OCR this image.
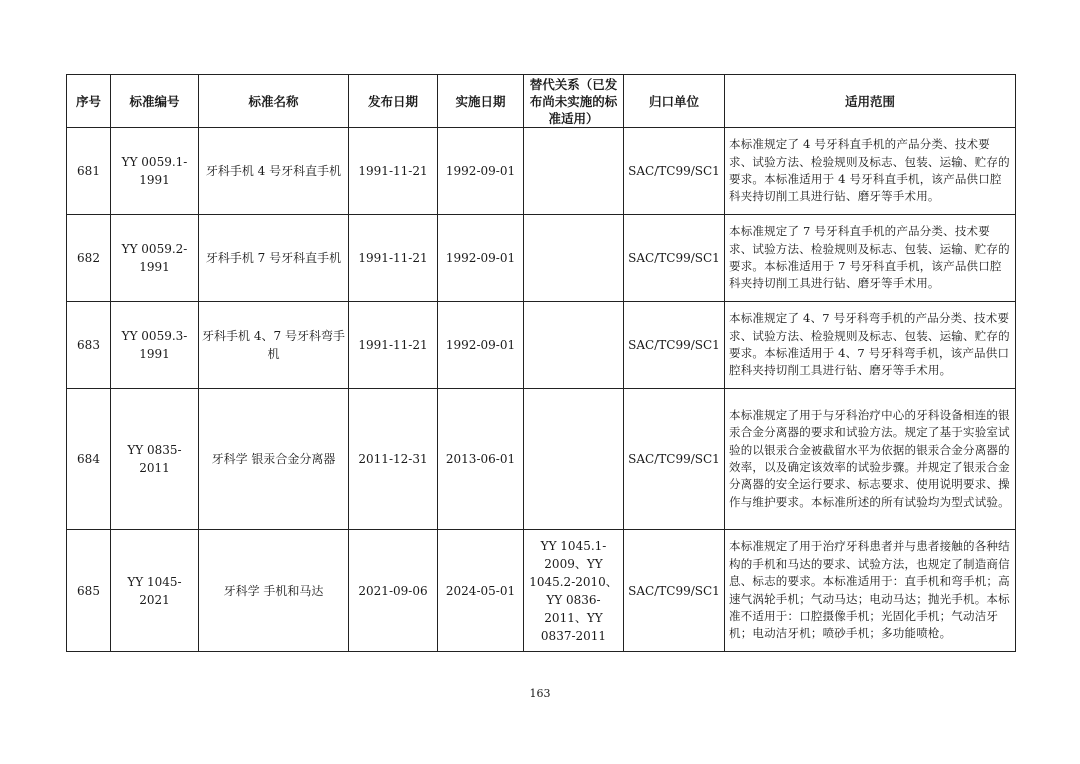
序号	标准编号	标准名称	发布日期	实施日期	替代关系（已发布尚未实施的标准适用）	归口单位	适用范围
681	YY 0059.1-1991	牙科手机 4 号牙科直手机	1991-11-21	1992-09-01		SAC/TC99/SC1	本标准规定了 4 号牙科直手机的产品分类、技术要求、试验方法、检验规则及标志、包装、运输、贮存的要求。本标准适用于 4 号牙科直手机，该产品供口腔科夹持切削工具进行钻、磨牙等手术用。
682	YY 0059.2-1991	牙科手机 7 号牙科直手机	1991-11-21	1992-09-01		SAC/TC99/SC1	本标准规定了 7 号牙科直手机的产品分类、技术要求、试验方法、检验规则及标志、包装、运输、贮存的要求。本标准适用于 7 号牙科直手机，该产品供口腔科夹持切削工具进行钻、磨牙等手术用。
683	YY 0059.3-1991	牙科手机 4、7 号牙科弯手机	1991-11-21	1992-09-01		SAC/TC99/SC1	本标准规定了 4、7 号牙科弯手机的产品分类、技术要求、试验方法、检验规则及标志、包装、运输、贮存的要求。本标准适用于 4、7 号牙科弯手机，该产品供口腔科夹持切削工具进行钻、磨牙等手术用。
684	YY 0835-2011	牙科学 银汞合金分离器	2011-12-31	2013-06-01		SAC/TC99/SC1	本标准规定了用于与牙科治疗中心的牙科设备相连的银汞合金分离器的要求和试验方法。规定了基于实验室试验的以银汞合金被截留水平为依据的银汞合金分离器的效率，以及确定该效率的试验步骤。并规定了银汞合金分离器的安全运行要求、标志要求、使用说明要求、操作与维护要求。本标准所述的所有试验均为型式试验。
685	YY 1045-2021	牙科学 手机和马达	2021-09-06	2024-05-01	YY 1045.1-2009、YY 1045.2-2010、YY 0836-2011、YY 0837-2011	SAC/TC99/SC1	本标准规定了用于治疗牙科患者并与患者接触的各种结构的手机和马达的要求、试验方法，也规定了制造商信息、标志的要求。本标准适用于：直手机和弯手机；高速气涡轮手机；气动马达；电动马达；抛光手机。本标准不适用于：口腔摄像手机；光固化手机；气动洁牙机；电动洁牙机；喷砂手机；多功能喷枪。
163
